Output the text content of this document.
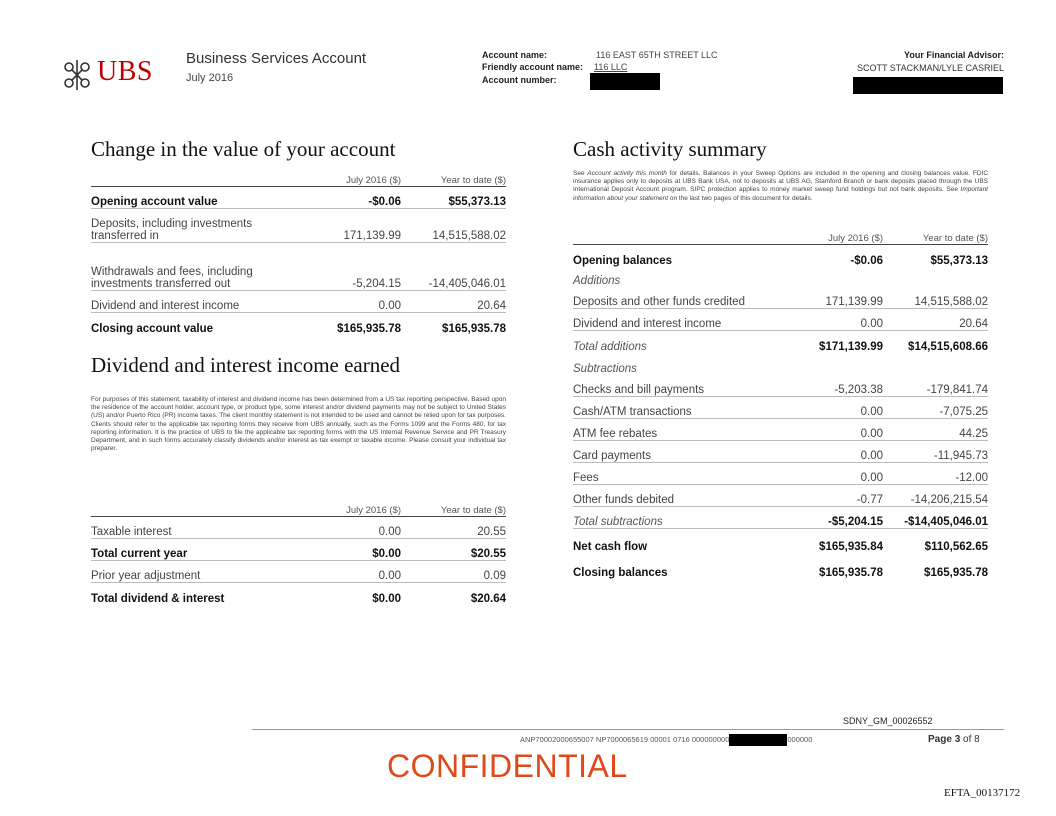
UBS Business Services Account
July 2016
Account name:	116 EAST 65TH STREET LLC
Friendly account name: 116 LLC
Account number:
Your Financial Advisor:
SCOTT STACKMAN/LYLE CASRIEL
Change in the value of your account
	July 2016 ($)	Year to date ($)
Opening account value	-$0.06	$55,373.13
Deposits, including investments transferred in	171,139.99	14,515,588.02
Withdrawals and fees, including investments transferred out	-5,204.15	-14,405,046.01
Dividend and interest income	0.00	20.64
Closing account value	$165,935.78	$165,935.78
Dividend and interest income earned
For purposes of this statement, taxability of interest and dividend income has been determined from a US tax reporting perspective. Based upon the residence of the account holder, account type, or product type, some interest and/or dividend payments may not be subject to United States (US) and/or Puerto Rico (PR) income taxes. The client monthly statement is not intended to be used and cannot be relied upon for tax purposes. Clients should refer to the applicable tax reporting forms they receive from UBS annually, such as the Forms 1099 and the Forms 480, for tax reporting information. It is the practice of UBS to file the applicable tax reporting forms with the US Internal Revenue Service and PR Treasury Department, and in such forms accurately classify dividends and/or interest as tax exempt or taxable income. Please consult your individual tax preparer.
	July 2016 ($)	Year to date ($)
Taxable interest	0.00	20.55
Total current year	$0.00	$20.55
Prior year adjustment	0.00	0.09
Total dividend & interest	$0.00	$20.64
Cash activity summary
See Account activity this month for details. Balances in your Sweep Options are included in the opening and closing balances value. FDIC insurance applies only to deposits at UBS Bank USA, not to deposits at UBS AG, Stamford Branch or bank deposits placed through the UBS International Deposit Account program. SIPC protection applies to money market sweep fund holdings but not bank deposits. See Important information about your statement on the last two pages of this document for details.
	July 2016 ($)	Year to date ($)
Opening balances	-$0.06	$55,373.13
Additions		
Deposits and other funds credited	171,139.99	14,515,588.02
Dividend and interest income	0.00	20.64
Total additions	$171,139.99	$14,515,608.66
Subtractions		
Checks and bill payments	-5,203.38	-179,841.74
Cash/ATM transactions	0.00	-7,075.25
ATM fee rebates	0.00	44.25
Card payments	0.00	-11,945.73
Fees	0.00	-12.00
Other funds debited	-0.77	-14,206,215.54
Total subtractions	-$5,204.15	-$14,405,046.01
Net cash flow	$165,935.84	$110,562.65
Closing balances	$165,935.78	$165,935.78
SDNY_GM_00026552
ANP70002000655007 NP7000065619 00001 0716 000000000	000000	Page 3 of 8
CONFIDENTIAL
EFTA_00137172
